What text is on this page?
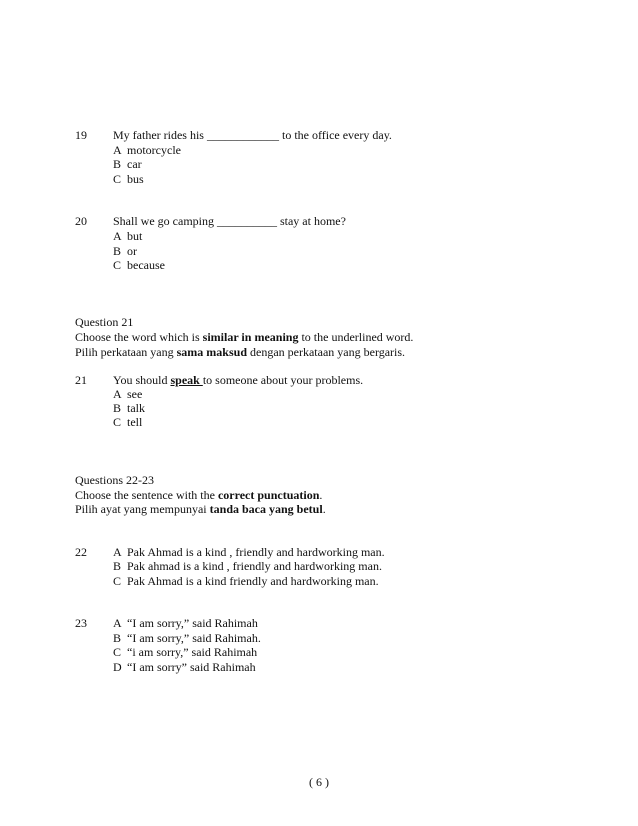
19 My father rides his ____________ to the office every day.
A motorcycle
B car
C bus
20 Shall we go camping __________ stay at home?
A but
B or
C because
Question 21
Choose the word which is similar in meaning to the underlined word.
Pilih perkataan yang sama maksud dengan perkataan yang bergaris.
21 You should speak to someone about your problems.
A see
B talk
C tell
Questions 22-23
Choose the sentence with the correct punctuation.
Pilih ayat yang mempunyai tanda baca yang betul.
22 A Pak Ahmad is a kind , friendly and hardworking man.
B Pak ahmad is a kind , friendly and hardworking man.
C Pak Ahmad is a kind friendly and hardworking man.
23 A “I am sorry,” said Rahimah
B “I am sorry,” said Rahimah.
C “i am sorry,” said Rahimah
D “I am sorry” said Rahimah
( 6 )
